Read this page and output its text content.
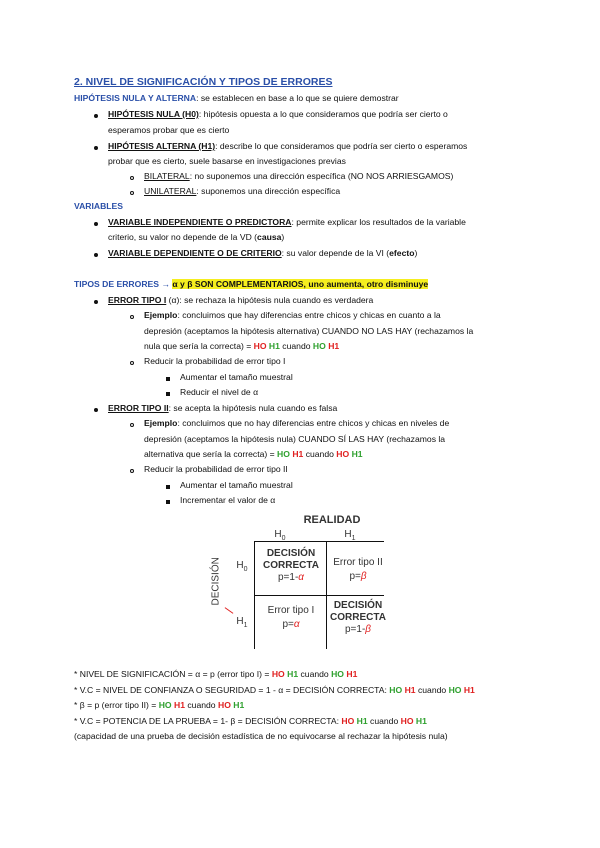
2. NIVEL DE SIGNIFICACIÓN Y TIPOS DE ERRORES
HIPÓTESIS NULA Y ALTERNA: se establecen en base a lo que se quiere demostrar
HIPÓTESIS NULA (H0): hipótesis opuesta a lo que consideramos que podría ser cierto o
esperamos probar que es cierto
HIPÓTESIS ALTERNA (H1): describe lo que consideramos que podría ser cierto o esperamos
probar que es cierto, suele basarse en investigaciones previas
BILATERAL: no suponemos una dirección específica (NO NOS ARRIESGAMOS)
UNILATERAL: suponemos una dirección específica
VARIABLES
VARIABLE INDEPENDIENTE O PREDICTORA: permite explicar los resultados de la variable
criterio, su valor no depende de la VD (causa)
VARIABLE DEPENDIENTE O DE CRITERIO: su valor depende de la VI (efecto)
TIPOS DE ERRORES → α y β SON COMPLEMENTARIOS, uno aumenta, otro disminuye
ERROR TIPO I (α): se rechaza la hipótesis nula cuando es verdadera
Ejemplo: concluimos que hay diferencias entre chicos y chicas en cuanto a la
depresión (aceptamos la hipótesis alternativa) CUANDO NO LAS HAY (rechazamos la
nula que sería la correcta) = HO H1 cuando HO H1
Reducir la probabilidad de error tipo I
Aumentar el tamaño muestral
Reducir el nivel de α
ERROR TIPO II: se acepta la hipótesis nula cuando es falsa
Ejemplo: concluimos que no hay diferencias entre chicos y chicas en niveles de
depresión (aceptamos la hipótesis nula) CUANDO SÍ LAS HAY (rechazamos la
alternativa que sería la correcta) = HO H1 cuando HO H1
Reducir la probabilidad de error tipo II
Aumentar el tamaño muestral
Incrementar el valor de α
REALIDAD
$H_0$	$H_1$
DECISIÓN	$H_0$
$H_1$
DECISIÓN
CORRECTA
p=1-α
Error tipo II
p=β
Error tipo I
p=α
DECISIÓN
CORRECTA
p=1-β
* NIVEL DE SIGNIFICACIÓN = α = p (error tipo I) = HO H1 cuando HO H1
* V.C = NIVEL DE CONFIANZA O SEGURIDAD = 1 - α = DECISIÓN CORRECTA: HO H1 cuando HO H1
* β = p (error tipo II) = HO H1 cuando HO H1
* V.C = POTENCIA DE LA PRUEBA = 1- β = DECISIÓN CORRECTA: HO H1 cuando HO H1
(capacidad de una prueba de decisión estadística de no equivocarse al rechazar la hipótesis nula)
